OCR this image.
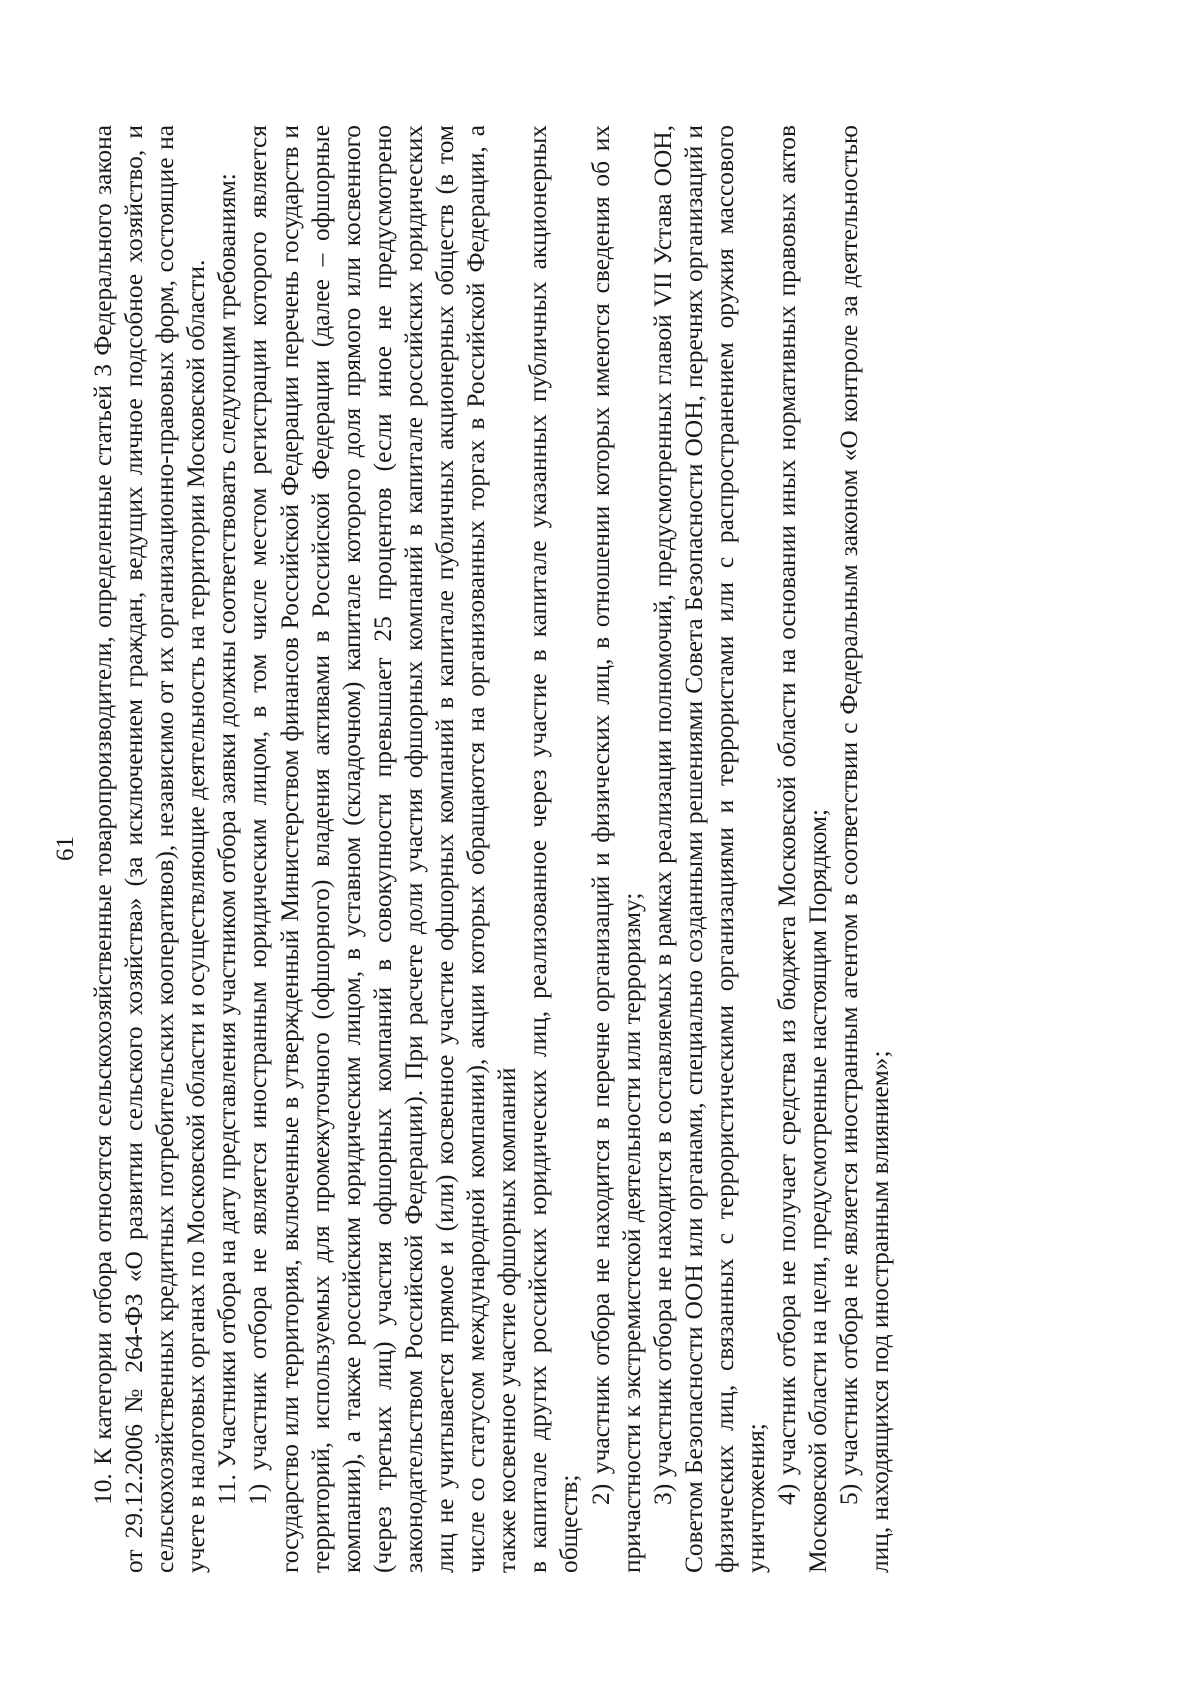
61 10. К категории отбора относятся сельскохозяйственные товаропроизводители, определенные статьей 3 Федерального закона от 29.12.2006 № 264-ФЗ «О развитии сельского хозяйства» (за исключением граждан, ведущих личное подсобное хозяйство, и сельскохозяйственных кредитных потребительских кооперативов), независимо от их организационно-правовых форм, состоящие на учете в налоговых органах по Московской области и осуществляющие деятельность на территории Московской области. 11. Участники отбора на дату представления участником отбора заявки должны соответствовать следующим требованиям: 1) участник отбора не является иностранным юридическим лицом, в том числе местом регистрации которого является государство или территория, включенные в утвержденный Министерством финансов Российской Федерации перечень государств и территорий, используемых для промежуточного (офшорного) владения активами в Российской Федерации (далее – офшорные компании), а также российским юридическим лицом, в уставном (складочном) капитале которого доля прямого или косвенного (через третьих лиц) участия офшорных компаний в совокупности превышает 25 процентов (если иное не предусмотрено законодательством Российской Федерации). При расчете доли участия офшорных компаний в капитале российских юридических лиц не учитывается прямое и (или) косвенное участие офшорных компаний в капитале публичных акционерных обществ (в том числе со статусом международной компании), акции которых обращаются на организованных торгах в Российской Федерации, а также косвенное участие офшорных компаний в капитале других российских юридических лиц, реализованное через участие в капитале указанных публичных акционерных обществ;

2) участник отбора не находится в перечне организаций и физических лиц, в отношении которых имеются сведения об их причастности к экстремистской деятельности или терроризму; 3) участник отбора не находится в составляемых в рамках реализации полномочий, предусмотренных главой VII Устава ООН, Советом Безопасности ООН или органами, специально созданными решениями Совета Безопасности ООН, перечнях организаций и физических лиц, связанных с террористическими организациями и террористами или с распространением оружия массового уничтожения; 4) участник отбора не получает средства из бюджета Московской области на основании иных нормативных правовых актов Московской области на цели, предусмотренные настоящим Порядком; 5) участник отбора не является иностранным агентом в соответствии с Федеральным законом «О контроле за деятельностью лиц, находящихся под иностранным влиянием»;
